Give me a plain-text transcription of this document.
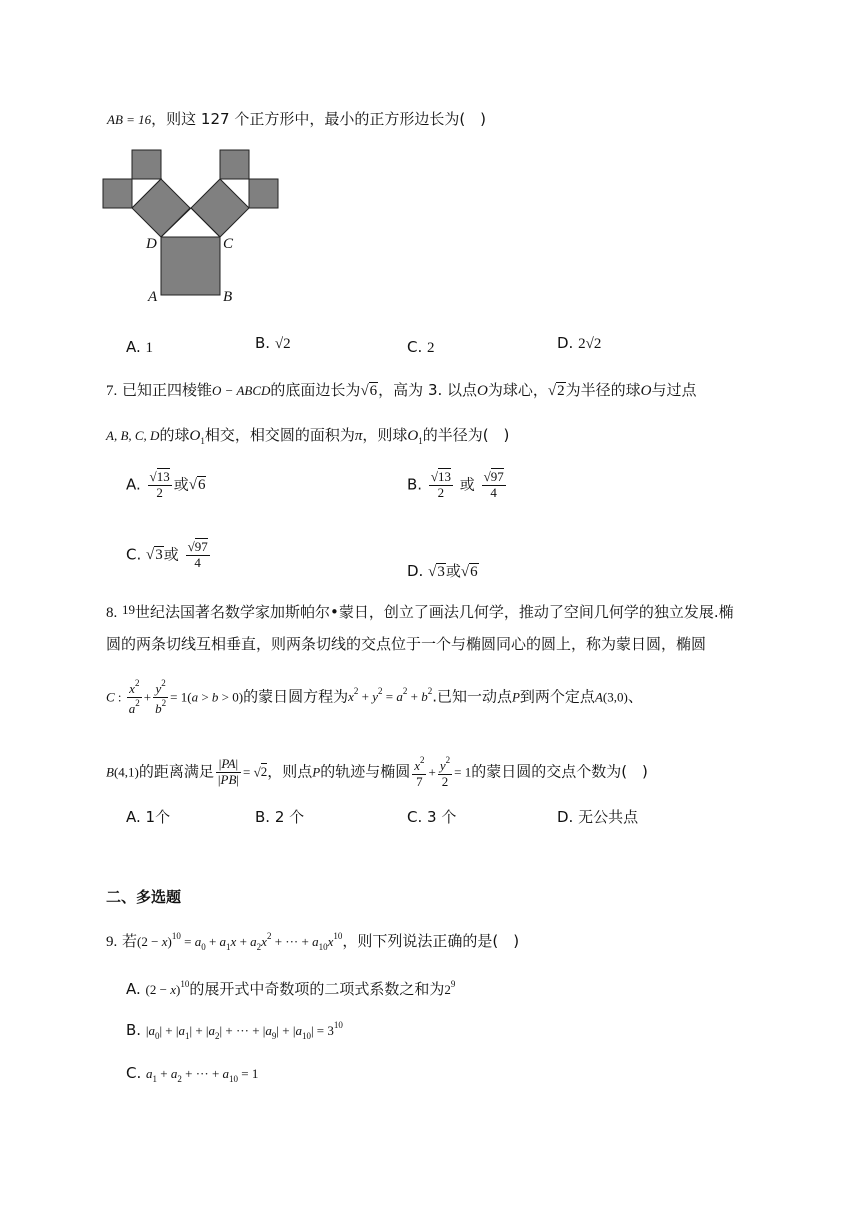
AB = 16，则这 127 个正方形中，最小的正方形边长为(　)
D	C
A	B
A. 1	B. √2	C. 2	D. 2√2
7. 已知正四棱锥O − ABCD的底面边长为√6，高为 3. 以点O为球心，√2为半径的球O与过点
A, B, C, D的球$O_1$相交，相交圆的面积为π，则球$O_1$的半径为(　)
A. $\frac{√13}{2}$ 或√6	B. $\frac{√13}{2}$ 或 $\frac{√97}{4}$
C. √3或 $\frac{√97}{4}$
D. √3或√6
8. 19世纪法国著名数学家加斯帕尔•蒙日，创立了画法几何学，推动了空间几何学的独立发展.椭
圆的两条切线互相垂直，则两条切线的交点位于一个与椭圆同心的圆上，称为蒙日圆，椭圆
C : $\frac{x^2}{a^2} + \frac{y^2}{b^2} = 1(a > b > 0)$的蒙日圆方程为$x^2 + y^2 = a^2 + b^2$.已知一动点P到两个定点A(3,0)、
B(4,1)的距离满足 $\frac{|PA|}{|PB|} = √2$，则点P的轨迹与椭圆 $\frac{x^2}{7} + \frac{y^2}{2} = 1$的蒙日圆的交点个数为(　)
A. 1个	B. 2 个	C. 3 个	D. 无公共点
二、多选题
9. 若$(2 - x)^{10} = a_0 + a_1x + a_2x^2$ + ··· + $a_{10}x^{10}$，则下列说法正确的是(　)
A. $(2 - x)^{10}$的展开式中奇数项的二项式系数之和为$2^9$
B. $|a_0| + |a_1| + |a_2|$ + ··· + $|a_9| + |a_{10}| = 3^{10}$
C. $a_1 + a_2$ + ··· + $a_{10} = 1$
